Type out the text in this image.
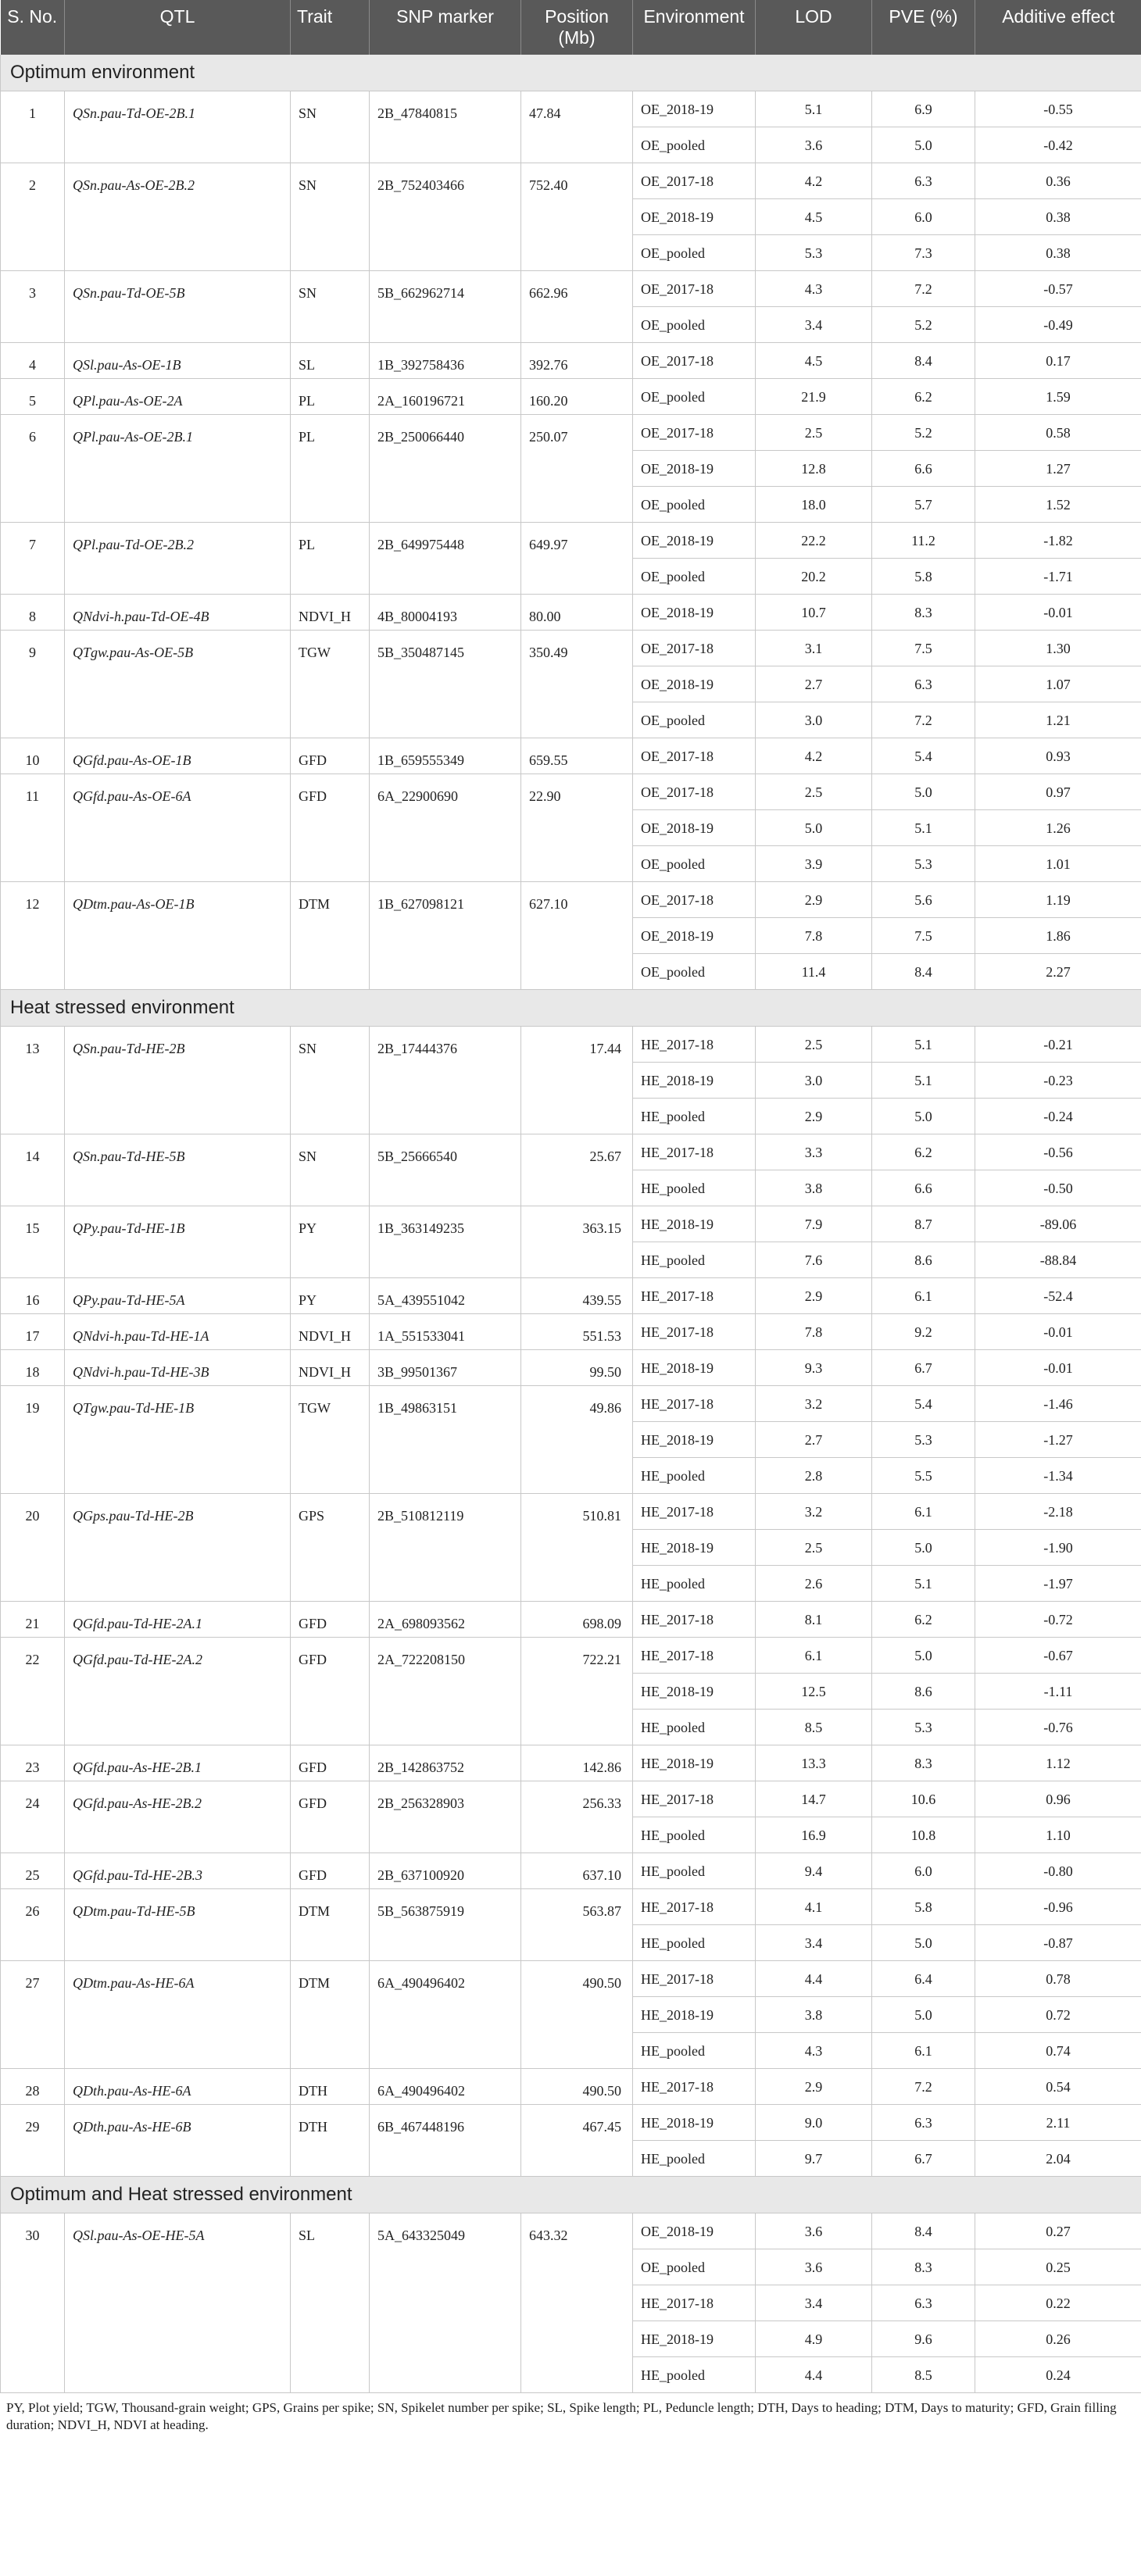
S. No.	QTL	Trait	SNP marker	Position (Mb)	Environment	LOD	PVE (%)	Additive effect
Optimum environment								
1	QSn.pau-Td-OE-2B.1	SN	2B_47840815	47.84	OE_2018-19	5.1	6.9	-0.55
					OE_pooled	3.6	5.0	-0.42
2	QSn.pau-As-OE-2B.2	SN	2B_752403466	752.40	OE_2017-18	4.2	6.3	0.36
					OE_2018-19	4.5	6.0	0.38
					OE_pooled	5.3	7.3	0.38
3	QSn.pau-Td-OE-5B	SN	5B_662962714	662.96	OE_2017-18	4.3	7.2	-0.57
					OE_pooled	3.4	5.2	-0.49
4	QSl.pau-As-OE-1B	SL	1B_392758436	392.76	OE_2017-18	4.5	8.4	0.17
5	QPl.pau-As-OE-2A	PL	2A_160196721	160.20	OE_pooled	21.9	6.2	1.59
6	QPl.pau-As-OE-2B.1	PL	2B_250066440	250.07	OE_2017-18	2.5	5.2	0.58
					OE_2018-19	12.8	6.6	1.27
					OE_pooled	18.0	5.7	1.52
7	QPl.pau-Td-OE-2B.2	PL	2B_649975448	649.97	OE_2018-19	22.2	11.2	-1.82
					OE_pooled	20.2	5.8	-1.71
8	QNdvi-h.pau-Td-OE-4B	NDVI_H	4B_80004193	80.00	OE_2018-19	10.7	8.3	-0.01
9	QTgw.pau-As-OE-5B	TGW	5B_350487145	350.49	OE_2017-18	3.1	7.5	1.30
					OE_2018-19	2.7	6.3	1.07
					OE_pooled	3.0	7.2	1.21
10	QGfd.pau-As-OE-1B	GFD	1B_659555349	659.55	OE_2017-18	4.2	5.4	0.93
11	QGfd.pau-As-OE-6A	GFD	6A_22900690	22.90	OE_2017-18	2.5	5.0	0.97
					OE_2018-19	5.0	5.1	1.26
					OE_pooled	3.9	5.3	1.01
12	QDtm.pau-As-OE-1B	DTM	1B_627098121	627.10	OE_2017-18	2.9	5.6	1.19
					OE_2018-19	7.8	7.5	1.86
					OE_pooled	11.4	8.4	2.27
Heat stressed environment								
13	QSn.pau-Td-HE-2B	SN	2B_17444376	17.44	HE_2017-18	2.5	5.1	-0.21
					HE_2018-19	3.0	5.1	-0.23
					HE_pooled	2.9	5.0	-0.24
14	QSn.pau-Td-HE-5B	SN	5B_25666540	25.67	HE_2017-18	3.3	6.2	-0.56
					HE_pooled	3.8	6.6	-0.50
15	QPy.pau-Td-HE-1B	PY	1B_363149235	363.15	HE_2018-19	7.9	8.7	-89.06
					HE_pooled	7.6	8.6	-88.84
16	QPy.pau-Td-HE-5A	PY	5A_439551042	439.55	HE_2017-18	2.9	6.1	-52.4
17	QNdvi-h.pau-Td-HE-1A	NDVI_H	1A_551533041	551.53	HE_2017-18	7.8	9.2	-0.01
18	QNdvi-h.pau-Td-HE-3B	NDVI_H	3B_99501367	99.50	HE_2018-19	9.3	6.7	-0.01
19	QTgw.pau-Td-HE-1B	TGW	1B_49863151	49.86	HE_2017-18	3.2	5.4	-1.46
					HE_2018-19	2.7	5.3	-1.27
					HE_pooled	2.8	5.5	-1.34
20	QGps.pau-Td-HE-2B	GPS	2B_510812119	510.81	HE_2017-18	3.2	6.1	-2.18
					HE_2018-19	2.5	5.0	-1.90
					HE_pooled	2.6	5.1	-1.97
21	QGfd.pau-Td-HE-2A.1	GFD	2A_698093562	698.09	HE_2017-18	8.1	6.2	-0.72
22	QGfd.pau-Td-HE-2A.2	GFD	2A_722208150	722.21	HE_2017-18	6.1	5.0	-0.67
					HE_2018-19	12.5	8.6	-1.11
					HE_pooled	8.5	5.3	-0.76
23	QGfd.pau-As-HE-2B.1	GFD	2B_142863752	142.86	HE_2018-19	13.3	8.3	1.12
24	QGfd.pau-As-HE-2B.2	GFD	2B_256328903	256.33	HE_2017-18	14.7	10.6	0.96
					HE_pooled	16.9	10.8	1.10
25	QGfd.pau-Td-HE-2B.3	GFD	2B_637100920	637.10	HE_pooled	9.4	6.0	-0.80
26	QDtm.pau-Td-HE-5B	DTM	5B_563875919	563.87	HE_2017-18	4.1	5.8	-0.96
					HE_pooled	3.4	5.0	-0.87
27	QDtm.pau-As-HE-6A	DTM	6A_490496402	490.50	HE_2017-18	4.4	6.4	0.78
					HE_2018-19	3.8	5.0	0.72
					HE_pooled	4.3	6.1	0.74
28	QDth.pau-As-HE-6A	DTH	6A_490496402	490.50	HE_2017-18	2.9	7.2	0.54
29	QDth.pau-As-HE-6B	DTH	6B_467448196	467.45	HE_2018-19	9.0	6.3	2.11
					HE_pooled	9.7	6.7	2.04
Optimum and Heat stressed environment								
30	QSl.pau-As-OE-HE-5A	SL	5A_643325049	643.32	OE_2018-19	3.6	8.4	0.27
					OE_pooled	3.6	8.3	0.25
					HE_2017-18	3.4	6.3	0.22
					HE_2018-19	4.9	9.6	0.26
					HE_pooled	4.4	8.5	0.24
PY, Plot yield; TGW, Thousand-grain weight; GPS, Grains per spike; SN, Spikelet number per spike; SL, Spike length; PL, Peduncle length; DTH, Days to heading; DTM, Days to maturity; GFD, Grain filling duration; NDVI_H, NDVI at heading.
